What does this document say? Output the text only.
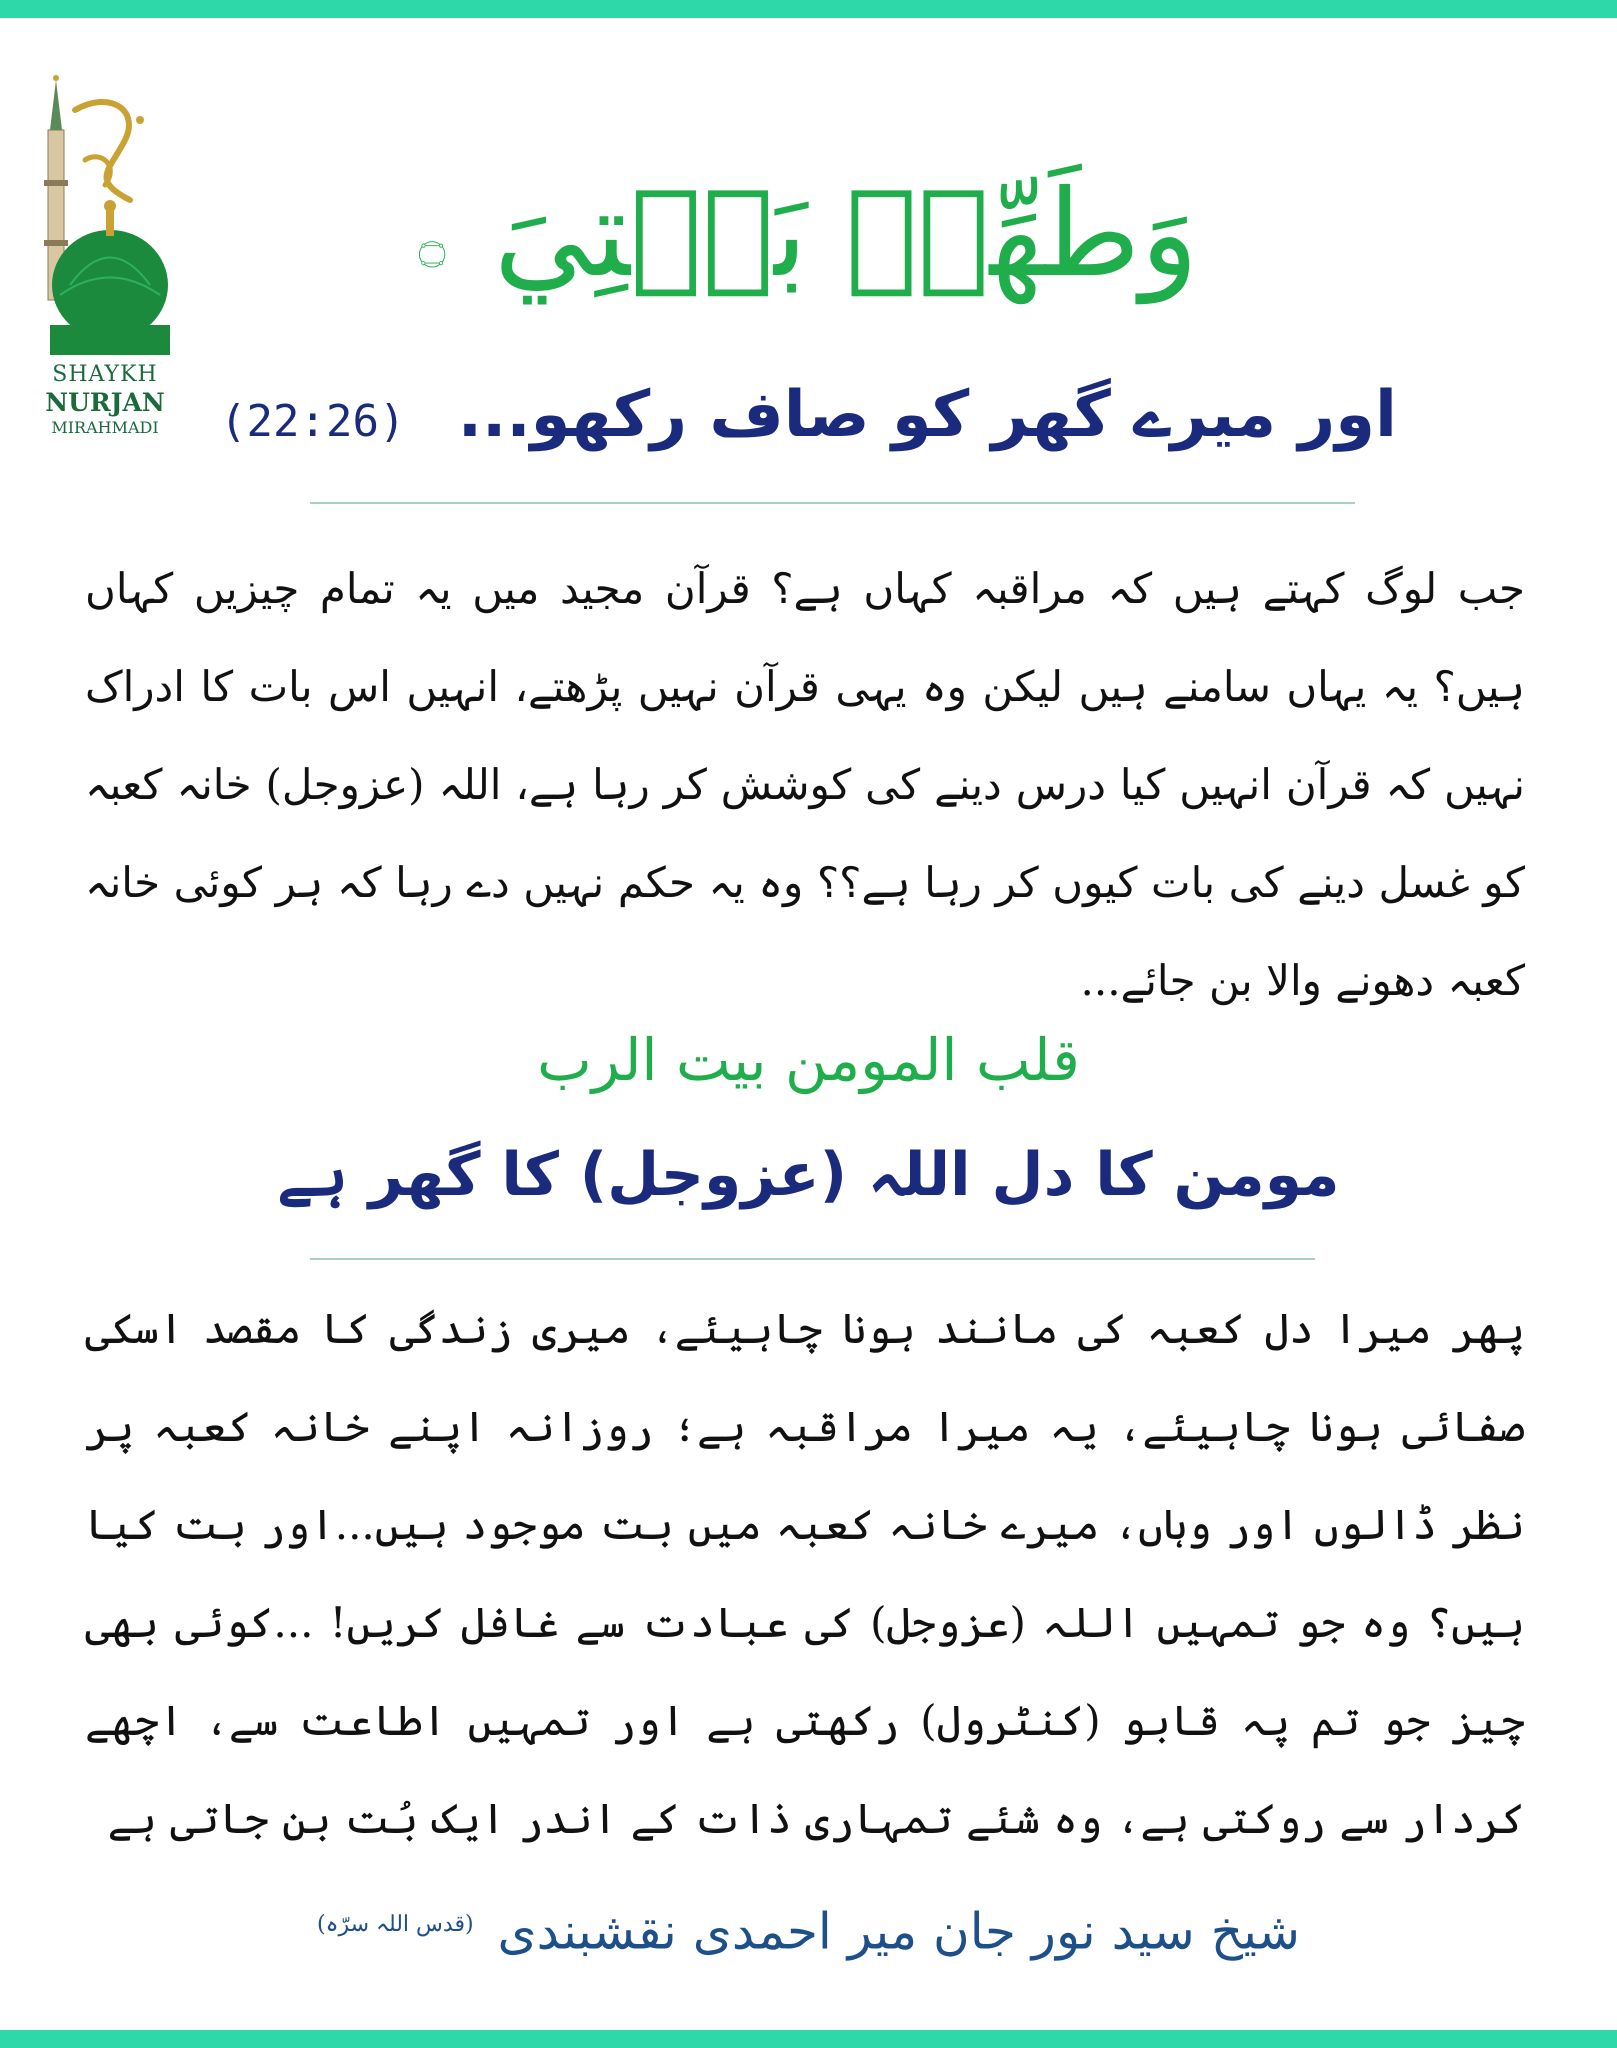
SHAYKH
NURJAN
MIRAHMADI
وَطَهِّرۡ بَيۡتِيَ ۝
(22:26) اور میرے گھر کو صاف رکھو...
جب لوگ کہتے ہیں کہ مراقبہ کہاں ہے؟ قرآن مجید میں یہ تمام چیزیں کہاں ہیں؟ یہ یہاں سامنے ہیں لیکن وہ یہی قرآن نہیں پڑھتے، انہیں اس بات کا ادراک نہیں کہ قرآن انہیں کیا درس دینے کی کوشش کر رہا ہے، اللہ (عزوجل) خانہ کعبہ کو غسل دینے کی بات کیوں کر رہا ہے؟؟ وہ یہ حکم نہیں دے رہا کہ ہر کوئی خانہ کعبہ دھونے والا بن جائے...
قلب المومن بيت الرب
مومن کا دل اللہ (عزوجل) کا گھر ہے
پھر میرا دل کعبہ کی مانند ہونا چاہیئے، میری زندگی کا مقصد اسکی صفائی ہونا چاہیئے، یہ میرا مراقبہ ہے؛ روزانہ اپنے خانہ کعبہ پر نظر ڈالوں اور وہاں، میرے خانہ کعبہ میں بت موجود ہیں...اور بت کیا ہیں؟ وہ جو تمہیں اللہ (عزوجل) کی عبادت سے غافل کریں! ...کوئی بھی چیز جو تم پہ قابو (کنٹرول) رکھتی ہے اور تمہیں اطاعت سے، اچھے کردار سے روکتی ہے، وہ شئے تمہاری ذات کے اندر ایک بُت بن جاتی ہے
شیخ سید نور جان میر احمدی نقشبندی $^{(قدس اللہ سرّہ)}$
